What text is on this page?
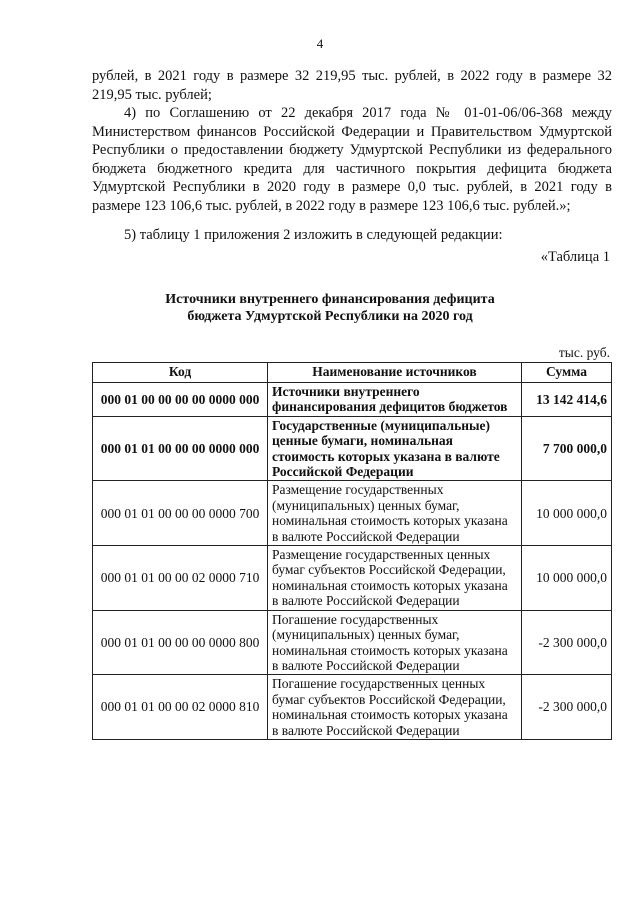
4

рублей, в 2021 году в размере 32 219,95 тыс. рублей, в 2022 году в размере 32 219,95 тыс. рублей;

4) по Соглашению от 22 декабря 2017 года № 01-01-06/06-368 между Министерством финансов Российской Федерации и Правительством Удмуртской Республики о предоставлении бюджету Удмуртской Республики из федерального бюджета бюджетного кредита для частичного покрытия дефицита бюджета Удмуртской Республики в 2020 году в размере 0,0 тыс. рублей, в 2021 году в размере 123 106,6 тыс. рублей, в 2022 году в размере 123 106,6 тыс. рублей.»;

5) таблицу 1 приложения 2 изложить в следующей редакции:

«Таблица 1

Источники внутреннего финансирования дефицита
бюджета Удмуртской Республики на 2020 год

тыс. руб.
Код	Наименование источников	Сумма
000 01 00 00 00 00 0000 000	Источники внутреннего финансирования дефицитов бюджетов	13 142 414,6
000 01 01 00 00 00 0000 000	Государственные (муниципальные) ценные бумаги, номинальная стоимость которых указана в валюте Российской Федерации	7 700 000,0
000 01 01 00 00 00 0000 700	Размещение государственных (муниципальных) ценных бумаг, номинальная стоимость которых указана в валюте Российской Федерации	10 000 000,0
000 01 01 00 00 02 0000 710	Размещение государственных ценных бумаг субъектов Российской Федерации, номинальная стоимость которых указана в валюте Российской Федерации	10 000 000,0
000 01 01 00 00 00 0000 800	Погашение государственных (муниципальных) ценных бумаг, номинальная стоимость которых указана в валюте Российской Федерации	-2 300 000,0
000 01 01 00 00 02 0000 810	Погашение государственных ценных бумаг субъектов Российской Федерации, номинальная стоимость которых указана в валюте Российской Федерации	-2 300 000,0
